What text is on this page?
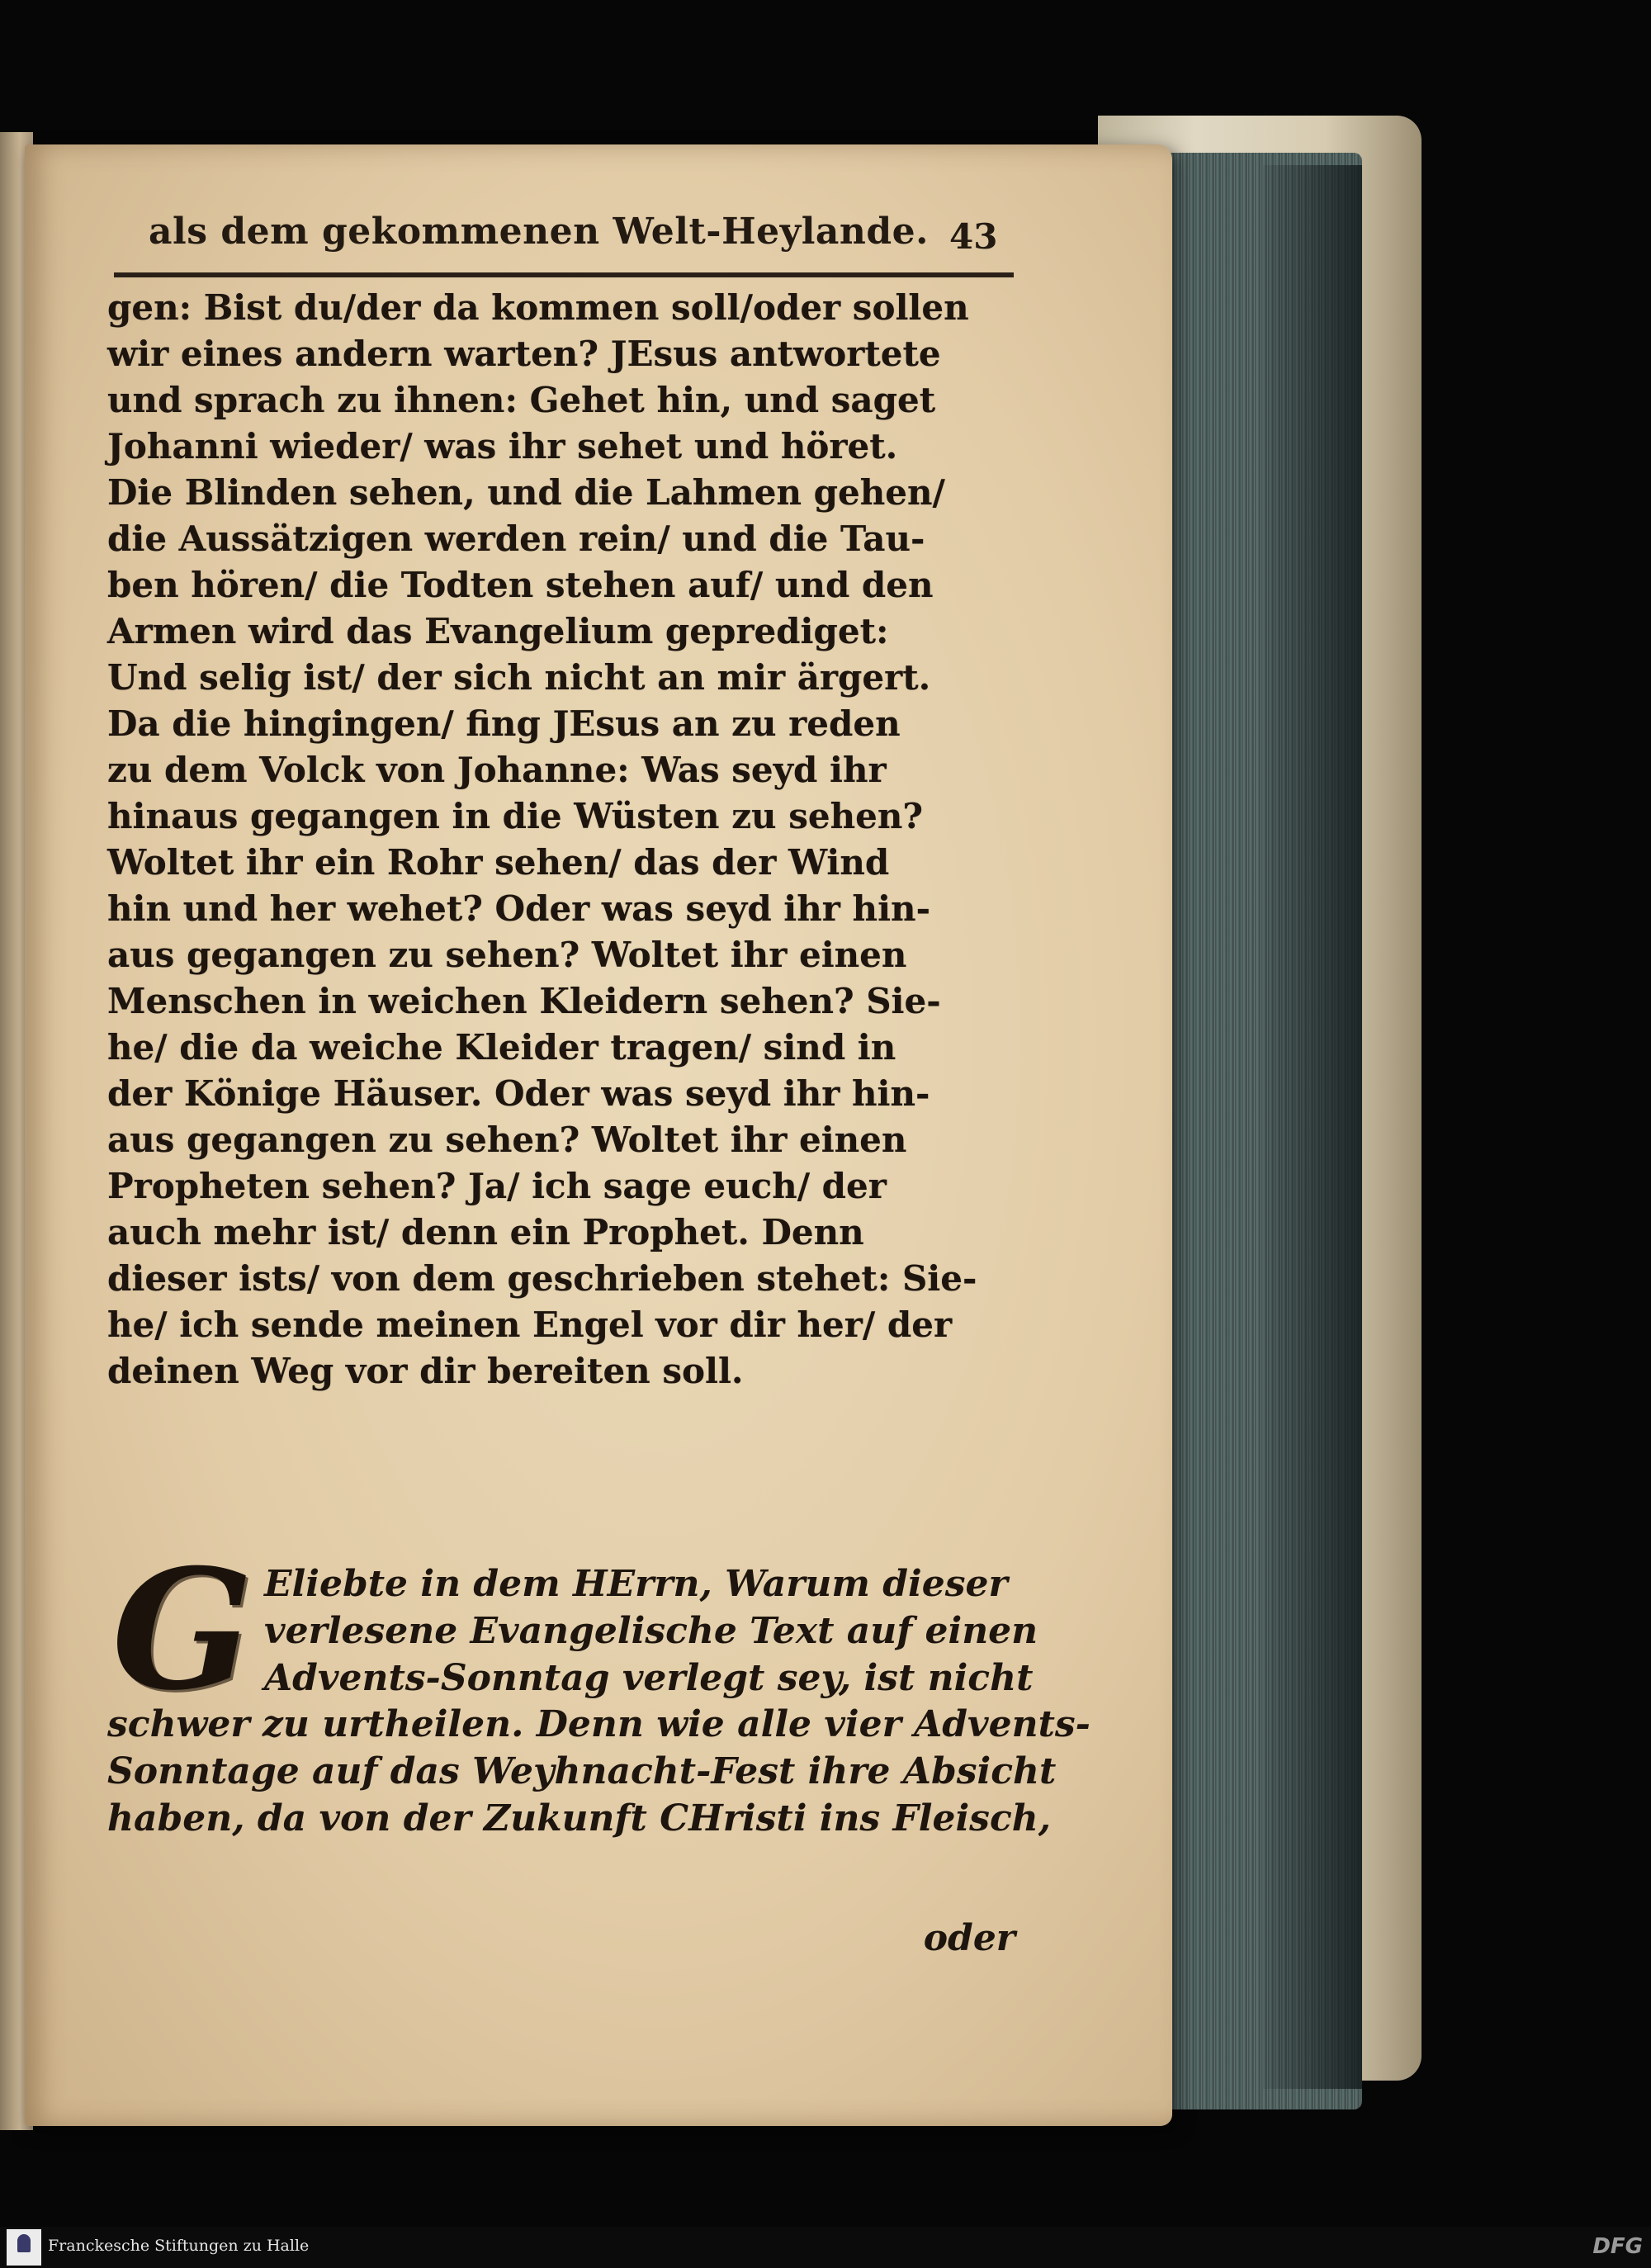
als dem gekommenen Welt-Heylande. 43
gen: Bist du/der da kommen soll/oder sollen
wir eines andern warten? JEsus antwortete
und sprach zu ihnen: Gehet hin, und saget
Johanni wieder/ was ihr sehet und höret.
Die Blinden sehen, und die Lahmen gehen/
die Aussätzigen werden rein/ und die Tau-
ben hören/ die Todten stehen auf/ und den
Armen wird das Evangelium geprediget:
Und selig ist/ der sich nicht an mir ärgert.
Da die hingingen/ fing JEsus an zu reden
zu dem Volck von Johanne: Was seyd ihr
hinaus gegangen in die Wüsten zu sehen?
Woltet ihr ein Rohr sehen/ das der Wind
hin und her wehet? Oder was seyd ihr hin-
aus gegangen zu sehen? Woltet ihr einen
Menschen in weichen Kleidern sehen? Sie-
he/ die da weiche Kleider tragen/ sind in
der Könige Häuser. Oder was seyd ihr hin-
aus gegangen zu sehen? Woltet ihr einen
Propheten sehen? Ja/ ich sage euch/ der
auch mehr ist/ denn ein Prophet. Denn
dieser ists/ von dem geschrieben stehet: Sie-
he/ ich sende meinen Engel vor dir her/ der
deinen Weg vor dir bereiten soll.
G Eliebte in dem HErrn, Warum dieser
verlesene Evangelische Text auf einen
Advents-Sonntag verlegt sey, ist nicht
schwer zu urtheilen. Denn wie alle vier Advents-
Sonntage auf das Weyhnacht-Fest ihre Absicht
haben, da von der Zukunft CHristi ins Fleisch,
oder
Franckesche Stiftungen zu Halle	DFG
